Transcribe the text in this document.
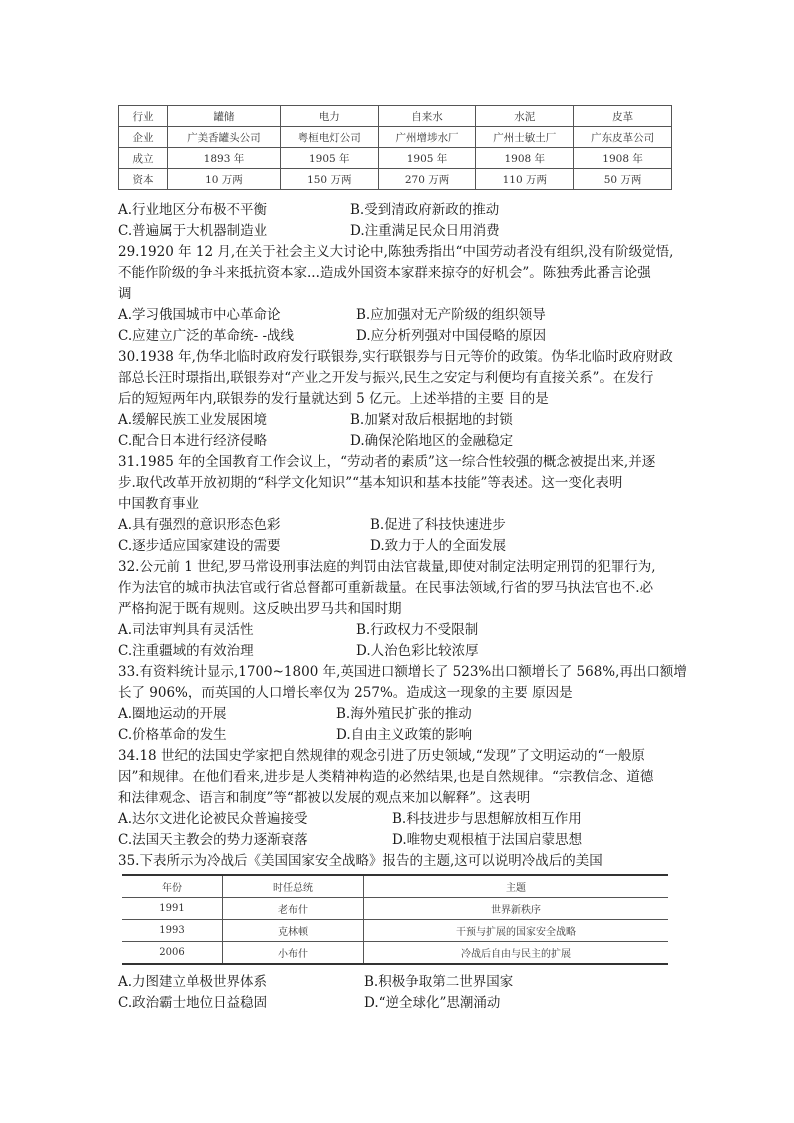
行业	罐储	电力	自来水	水泥	皮革
企业	广美香罐头公司	粤桓电灯公司	广州增埗水厂	广州士敏土厂	广东皮革公司
成立	1893 年	1905 年	1905 年	1908 年	1908 年
资本	10 万两	150 万两	270 万两	110 万两	50 万两
A.行业地区分布极不平衡	B.受到清政府新政的推动
C.普遍属于大机器制造业	D.注重满足民众日用消费
29.1920 年 12 月,在关于社会主义大讨论中,陈独秀指出“中国劳动者没有组织,没有阶级觉悟,
不能作阶级的争斗来抵抗资本家...造成外国资本家群来掠夺的好机会”。陈独秀此番言论强
调
A.学习俄国城市中心革命论	B.应加强对无产阶级的组织领导
C.应建立广泛的革命统- -战线	D.应分析列强对中国侵略的原因
30.1938 年,伪华北临时政府发行联银券,实行联银券与日元等价的政策。伪华北临时政府财政
部总长汪时璟指出,联银券对“产业之开发与振兴,民生之安定与利便均有直接关系”。在发行
后的短短两年内,联银券的发行量就达到 5 亿元。上述举措的主要 目的是
A.缓解民族工业发展困境	B.加紧对敌后根据地的封锁
C.配合日本进行经济侵略	D.确保沦陷地区的金融稳定
31.1985 年的全国教育工作会议上，“劳动者的素质”这一综合性较强的概念被提出来,并逐
步.取代改革开放初期的“科学文化知识”“基本知识和基本技能”等表述。这一变化表明
中国教育事业
A.具有强烈的意识形态色彩	B.促进了科技快速进步
C.逐步适应国家建设的需要	D.致力于人的全面发展
32.公元前 1 世纪,罗马常设刑事法庭的判罚由法官裁量,即使对制定法明定刑罚的犯罪行为,
作为法官的城市执法官或行省总督都可重新裁量。在民事法领域,行省的罗马执法官也不.必
严格拘泥于既有规则。这反映出罗马共和国时期
A.司法审判具有灵活性	B.行政权力不受限制
C.注重疆域的有效治理	D.人治色彩比较浓厚
33.有资料统计显示,1700~1800 年,英国进口额增长了 523%出口额增长了 568%,再出口额增
长了 906%，而英国的人口增长率仅为 257%。造成这一现象的主要 原因是
A.圈地运动的开展	B.海外殖民扩张的推动
C.价格革命的发生	D.自由主义政策的影响
34.18 世纪的法国史学家把自然规律的观念引进了历史领域,“发现”了文明运动的“一般原
因”和规律。在他们看来,进步是人类精神构造的必然结果,也是自然规律。“宗教信念、道德
和法律观念、语言和制度”等“都被以发展的观点来加以解释”。这表明
A.达尔文进化论被民众普遍接受	B.科技进步与思想解放相互作用
C.法国天主教会的势力逐渐衰落	D.唯物史观根植于法国启蒙思想
35.下表所示为冷战后《美国国家安全战略》报告的主题,这可以说明冷战后的美国
年份	时任总统	主题
1991	老布什	世界新秩序
1993	克林顿	干预与扩展的国家安全战略
2006	小布什	冷战后自由与民主的扩展
A.力图建立单极世界体系	B.积极争取第二世界国家
C.政治霸士地位日益稳固	D.“逆全球化”思潮涌动
